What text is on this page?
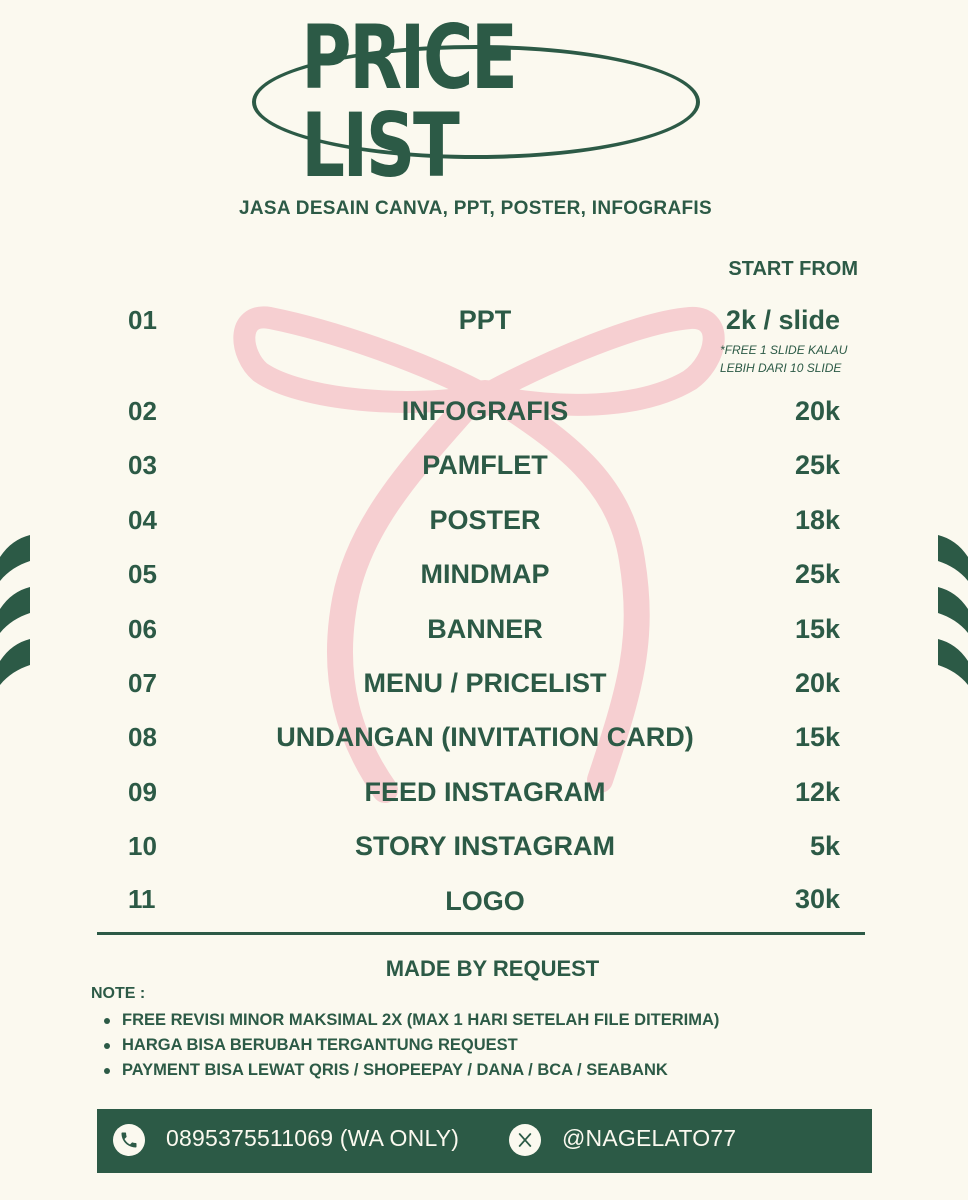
PRICE LIST
JASA DESAIN CANVA, PPT, POSTER, INFOGRAFIS
START FROM
01	PPT	2k / slide
*FREE 1 SLIDE KALAU
LEBIH DARI 10 SLIDE
02	INFOGRAFIS	20k
03	PAMFLET	25k
04	POSTER	18k
05	MINDMAP	25k
06	BANNER	15k
07	MENU / PRICELIST	20k
08	UNDANGAN (INVITATION CARD)	15k
09	FEED INSTAGRAM	12k
10	STORY INSTAGRAM	5k
11	LOGO	30k
MADE BY REQUEST
NOTE :
FREE REVISI MINOR MAKSIMAL 2X (MAX 1 HARI SETELAH FILE DITERIMA)
HARGA BISA BERUBAH TERGANTUNG REQUEST
PAYMENT BISA LEWAT QRIS / SHOPEEPAY / DANA / BCA / SEABANK
0895375511069 (WA ONLY)	@NAGELATO77
